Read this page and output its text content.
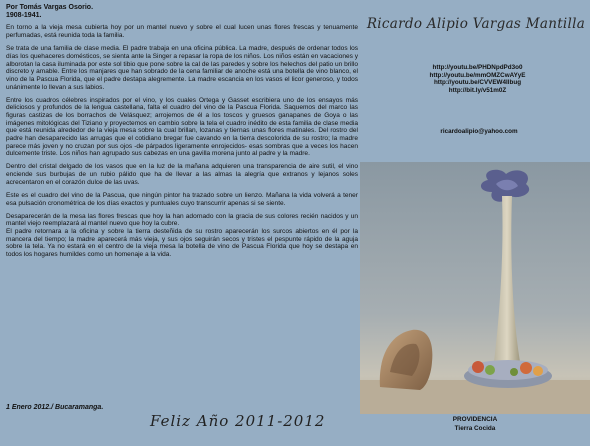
Por Tomás Vargas Osorio.
1908-1941.

En torno a la vieja mesa cubierta hoy por un mantel nuevo y sobre el cual lucen unas flores frescas y tenuamente perfumadas, está reunida toda la familia.

Se trata de una familia de clase media. El padre trabaja en una oficina pública. La madre, después de ordenar todos los días los quehaceres domésticos, se sienta ante la Singer a repasar la ropa de los niños. Los niños están en vacaciones y alborotan la casa iluminada por este sol tibio que pone sobre la cal de las paredes y sobre los helechos del patio un brillo discreto y amable. Entre los manjares que han sobrado de la cena familiar de anoche está una botella de vino blanco, el vino de la Pascua Florida, que el padre destapa alegremente. La madre escancia en los vasos el licor generoso, y todos unánimente lo llevan a sus labios.

Entre los cuadros célebres inspirados por el vino, y los cuales Ortega y Gasset escribiera uno de los ensayos más deliciosos y profundos de la lengua castellana, falta el cuadro del vino de la Pascua Florida. Saquemos del marco las figuras castizas de los borrachos de Velásquez; arrojemos de él a los toscos y gruesos ganapanes de Goya o las imágenes mitológicas del Tiziano y proyectemos en cambio sobre la tela el cuadro inédito de esta familia de clase media que está reunida alrededor de la vieja mesa sobre la cual brillan, lozanas y tiernas unas flores matinales. Del rostro del padre han desaparecido las arrugas que el cotidiano bregar fue cavando en la tierra descolorida de su rostro; la madre parece más joven y no cruzan por sus ojos -de párpados ligeramente enrojecidos- esas sombras que a veces los hacen dulcemente triste. Los niños han agrupado sus cabezas en una gavilla morena junto al padre y la madre.

Dentro del cristal delgado de los vasos que en la luz de la mañana adquieren una transparencia de aire sutil, el vino enciende sus burbujas de un rubio pálido que ha de llevar a las almas la alegría que extranos y lejanos soles acrecentaron en el corazón dulce de las uvas.

Este es el cuadro del vino de la Pascua, que ningún pintor ha trazado sobre un lienzo. Mañana la vida volverá a tener esa pulsación cronométrica de los días exactos y puntuales cuyo transcurrir apenas si se siente.

Desaparecerán de la mesa las flores frescas que hoy la han adornado con la gracia de sus colores recién nacidos y un mantel viejo reemplazará al mantel nuevo que hoy la cubre.

El padre retornara a la oficina y sobre la tierra desteñida de su rostro aparecerán los surcos abiertos en él por la mancera del tiempo; la madre aparecerá más vieja, y sus ojos seguirán secos y tristes el pespunte rápido de la aguja sobre la tela. Ya no estará en el centro de la vieja mesa la botella de vino de Pascua Florida que hoy se destapa en todos los hogares humildes como un homenaje a la vida.

1 Enero 2012./ Bucaramanga.
Feliz Año 2011-2012
Ricardo Alipio Vargas Mantilla
http://youtu.be/PHDNpdPd3o0
http://youtu.be/mmOMZCwAYyE
http://youtu.be/CVVEW4Ilbug
http://bit.ly/v51m0Z
ricardoalipio@yahoo.com
PROVIDENCIA
Tierra Cocida
